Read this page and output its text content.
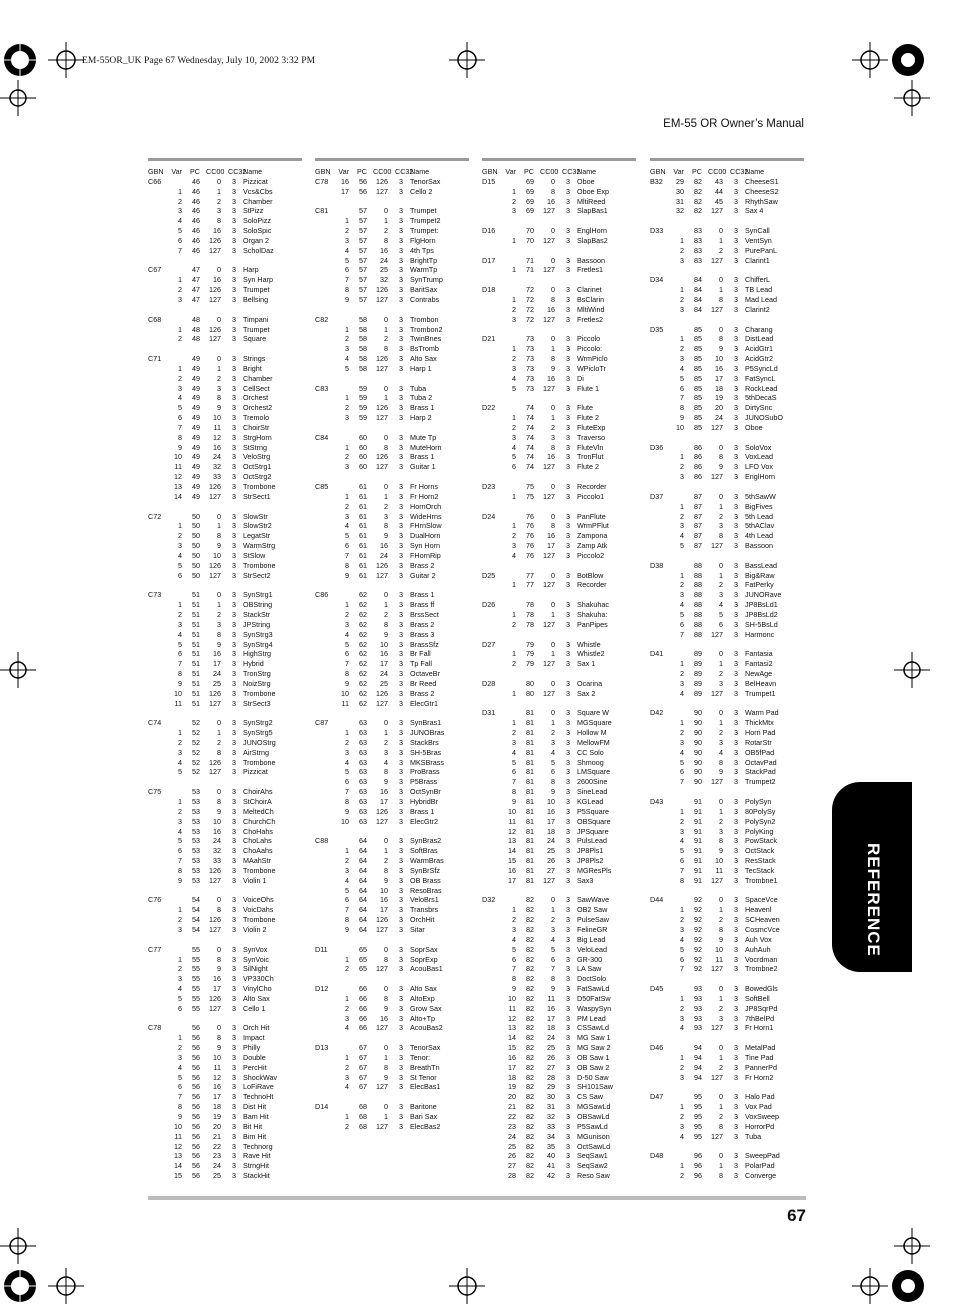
EM-55OR_UK Page 67 Wednesday, July 10, 2002 3:32 PM
EM-55 OR Owner’s Manual
GBN Var PC CC00 CC32
Name
C66	46	0	3 Pizzicat
1	46	1	3 Vcs&Cbs
2	46	2	3 Chamber
3	46	3	3 StPizz
4	46	8	3 SoloPizz
5	46	16	3 SoloSpic
6	46	126	3 Organ 2
7	46	127	3 ScholDaz
C67	47	0	3 Harp
1	47	16	3 Syn Harp
2	47	126	3 Trumpet
3	47	127	3 Bellsing
C68	48	0	3 Timpani
1	48	126	3 Trumpet
2	48	127	3 Square
C71	49	0	3 Strings
1	49	1	3 Bright
2	49	2	3 Chamber
3	49	3	3 CellSect
4	49	8	3 Orchest
5	49	9	3 Orchest2
6	49	10	3 Tremolo
7	49	11	3 ChoirStr
8	49	12	3 StrgHorn
9	49	16	3 StStrng
10	49	24	3 VeloStrg
11	49	32	3 OctStrg1
12	49	33	3 OctStrg2
13	49	126	3 Trombone
14	49	127	3 StrSect1
C72	50	0	3 SlowStr
1	50	1	3 SlowStr2
2	50	8	3 LegatStr
3	50	9	3 WarmStrg
4	50	10	3 StSlow
5	50	126	3 Trombone
6	50	127	3 StrSect2
C73	51	0	3 SynStrg1
1	51	1	3 OBString
2	51	2	3 StackStr
3	51	3	3 JPString
4	51	8	3 SynStrg3
5	51	9	3 SynStrg4
6	51	16	3 HighStrg
7	51	17	3 Hybrid
8	51	24	3 TronStrg
9	51	25	3 NoizStrg
10	51	126	3 Trombone
11	51	127	3 StrSect3
C74	52	0	3 SynStrg2
1	52	1	3 SynStrg5
2	52	2	3 JUNOStrg
3	52	8	3 AirStrng
4	52	126	3 Trombone
5	52	127	3 Pizzicat
C75	53	0	3 ChoirAhs
1	53	8	3 StChoirA
2	53	9	3 MeltedCh
3	53	10	3 ChurchCh
4	53	16	3 ChoHahs
5	53	24	3 ChoLahs
6	53	32	3 ChoAahs
7	53	33	3 MAahStr
8	53	126	3 Trombone
9	53	127	3 Violin 1
C76	54	0	3 VoiceOhs
1	54	8	3 VoicDahs
2	54	126	3 Trombone
3	54	127	3 Violin 2
C77	55	0	3 SynVox
1	55	8	3 SynVoic
2	55	9	3 SilNight
3	55	16	3 VP330Ch
4	55	17	3 VinylCho
5	55	126	3 Alto Sax
6	55	127	3 Cello 1
C78	56	0	3 Orch Hit
1	56	8	3 Impact
2	56	9	3 Philly
3	56	10	3 Double
4	56	11	3 PercHit
5	56	12	3 ShockWav
6	56	16	3 LoFiRave
7	56	17	3 TechnoHt
8	56	18	3 Dist Hit
9	56	19	3 Bam Hit
10	56	20	3 Bit Hit
11	56	21	3 Bim Hit
12	56	22	3 Technorg
13	56	23	3 Rave Hit
14	56	24	3 StrngHit
15	56	25	3 StackHit
GBN Var PC CC00 CC32
Name
C78	16	56	126	3 TenorSax
17	56	127	3 Cello 2
C81	57	0	3 Trumpet
1	57	1	3 Trumpet2
2	57	2	3 Trumpet:
3	57	8	3 FlgHorn
4	57	16	3 4th Tps
5	57	24	3 BrightTp
6	57	25	3 WarmTp
7	57	32	3 SynTrump
8	57	126	3 BaritSax
9	57	127	3 Contrabs
C82	58	0	3 Trombon
1	58	1	3 Trombon2
2	58	2	3 TwinBnes
3	58	8	3 BsTromb
4	58	126	3 Alto Sax
5	58	127	3 Harp 1
C83	59	0	3 Tuba
1	59	1	3 Tuba 2
2	59	126	3 Brass 1
3	59	127	3 Harp 2
C84	60	0	3 Mute Tp
1	60	8	3 MuteHorn
2	60	126	3 Brass 1
3	60	127	3 Guitar 1
C85	61	0	3 Fr Horns
1	61	1	3 Fr Horn2
2	61	2	3 HornOrch
3	61	3	3 WideHrns
4	61	8	3 FHrnSlow
5	61	9	3 DualHorn
6	61	16	3 Syn Horn
7	61	24	3 FHornRip
8	61	126	3 Brass 2
9	61	127	3 Guitar 2
C86	62	0	3 Brass 1
1	62	1	3 Brass ff
2	62	2	3 BrssSect
3	62	8	3 Brass 2
4	62	9	3 Brass 3
5	62	10	3 BrassSfz
6	62	16	3 Br Fall
7	62	17	3 Tp Fall
8	62	24	3 OctaveBr
9	62	25	3 Br Reed
10	62	126	3 Brass 2
11	62	127	3 ElecGtr1
C87	63	0	3 SynBras1
1	63	1	3 JUNOBras
2	63	2	3 StackBrs
3	63	3	3 SH-5Bras
4	63	4	3 MKSBrass
5	63	8	3 ProBrass
6	63	9	3 P5Brass
7	63	16	3 OctSynBr
8	63	17	3 HybridBr
9	63	126	3 Brass 1
10	63	127	3 ElecGtr2
C88	64	0	3 SynBras2
1	64	1	3 SoftBras
2	64	2	3 WarmBras
3	64	8	3 SynBrSfz
4	64	9	3 OB Brass
5	64	10	3 ResoBras
6	64	16	3 VeloBrs1
7	64	17	3 Transbrs
8	64	126	3 OrchHit
9	64	127	3 Sitar
D11	65	0	3 SoprSax
1	65	8	3 SoprExp
2	65	127	3 AcouBas1
D12	66	0	3 Alto Sax
1	66	8	3 AltoExp
2	66	9	3 Grow Sax
3	66	16	3 Alto+Tp
4	66	127	3 AcouBas2
D13	67	0	3 TenorSax
1	67	1	3 Tenor:
2	67	8	3 BreathTn
3	67	9	3 St Tenor
4	67	127	3 ElecBas1
D14	68	0	3 Baritone
1	68	1	3 Bari Sax
2	68	127	3 ElecBas2
GBN Var PC CC00 CC32
Name
D15	69	0	3 Oboe
1	69	8	3 Oboe Exp
2	69	16	3 MltiReed
3	69	127	3 SlapBas1
D16	70	0	3 EnglHorn
1	70	127	3 SlapBas2
D17	71	0	3 Bassoon
1	71	127	3 Fretles1
D18	72	0	3 Clarinet
1	72	8	3 BsClarin
2	72	16	3 MltiWind
3	72	127	3 Fretles2
D21	73	0	3 Piccolo
1	73	1	3 Piccolo:
2	73	8	3 WrmPiclo
3	73	9	3 WPicloTr
4	73	16	3 Di
5	73	127	3 Flute 1
D22	74	0	3 Flute
1	74	1	3 Flute 2
2	74	2	3 FluteExp
3	74	3	3 Traverso
4	74	8	3 FluteVln
5	74	16	3 TronFlut
6	74	127	3 Flute 2
D23	75	0	3 Recorder
1	75	127	3 Piccolo1
D24	76	0	3 PanFlute
1	76	8	3 WrmPFlut
2	76	16	3 Zampona
3	76	17	3 Zamp Atk
4	76	127	3 Piccolo2
D25	77	0	3 BotBlow
1	77	127	3 Recorder
D26	78	0	3 Shakuhac
1	78	1	3 Shakuha:
2	78	127	3 PanPipes
D27	79	0	3 Whistle
1	79	1	3 Whistle2
2	79	127	3 Sax 1
D28	80	0	3 Ocarina
1	80	127	3 Sax 2
D31	81	0	3 Square W
1	81	1	3 MGSquare
2	81	2	3 Hollow M
3	81	3	3 MellowFM
4	81	4	3 CC Solo
5	81	5	3 Shmoog
6	81	6	3 LMSquare
7	81	8	3 2600Sine
8	81	9	3 SineLead
9	81	10	3 KGLead
10	81	16	3 P5Square
11	81	17	3 OBSquare
12	81	18	3 JPSquare
13	81	24	3 PulsLead
14	81	25	3 JP8Pls1
15	81	26	3 JP8Pls2
16	81	27	3 MGResPls
17	81	127	3 Sax3
D32	82	0	3 SawWave
1	82	1	3 OB2 Saw
2	82	2	3 PulseSaw
3	82	3	3 FelineGR
4	82	4	3 Big Lead
5	82	5	3 VeloLead
6	82	6	3 GR-300
7	82	7	3 LA Saw
8	82	8	3 DoctSolo
9	82	9	3 FatSawLd
10	82	11	3 D50FatSw
11	82	16	3 WaspySyn
12	82	17	3 PM Lead
13	82	18	3 CSSawLd
14	82	24	3 MG Saw 1
15	82	25	3 MG Saw 2
16	82	26	3 OB Saw 1
17	82	27	3 OB Saw 2
18	82	28	3 D-50 Saw
19	82	29	3 SH101Saw
20	82	30	3 CS Saw
21	82	31	3 MGSawLd
22	82	32	3 OBSawLd
23	82	33	3 P5SawLd
24	82	34	3 MGunison
25	82	35	3 OctSawLd
26	82	40	3 SeqSaw1
27	82	41	3 SeqSaw2
28	82	42	3 Reso Saw
GBN Var PC CC00 CC32
Name
B32	29	82	43	3 CheeseS1
30	82	44	3 CheeseS2
31	82	45	3 RhythSaw
32	82	127	3 Sax 4
D33	83	0	3 SynCall
1	83	1	3 VentSyn
2	83	2	3 PurePanL
3	83	127	3 Clarint1
D34	84	0	3 ChifferL
1	84	1	3 TB Lead
2	84	8	3 Mad Lead
3	84	127	3 Clarint2
D35	85	0	3 Charang
1	85	8	3 DistLead
2	85	9	3 AcidGtr1
3	85	10	3 AcidGtr2
4	85	16	3 P5SyncLd
5	85	17	3 FatSyncL
6	85	18	3 RockLead
7	85	19	3 5thDecaS
8	85	20	3 DirtySnc
9	85	24	3 JUNOSubO
10	85	127	3 Oboe
D36	86	0	3 SoloVox
1	86	8	3 VoxLead
2	86	9	3 LFO Vox
3	86	127	3 EnglHorn
D37	87	0	3 5thSawW
1	87	1	3 BigFives
2	87	2	3 5th Lead
3	87	3	3 5thAClav
4	87	8	3 4th Lead
5	87	127	3 Bassoon
D38	88	0	3 BassLead
1	88	1	3 Big&Raw
2	88	2	3 FatPerky
3	88	3	3 JUNORave
4	88	4	3 JP8BsLd1
5	88	5	3 JP8BsLd2
6	88	6	3 SH-5BsLd
7	88	127	3 Harmonc
D41	89	0	3 Fantasia
1	89	1	3 Fantasi2
2	89	2	3 NewAge
3	89	3	3 BelHeavn
4	89	127	3 Trumpet1
D42	90	0	3 Warm Pad
1	90	1	3 ThickMtx
2	90	2	3 Horn Pad
3	90	3	3 RotarStr
4	90	4	3 OB5fPad
5	90	8	3 OctavPad
6	90	9	3 StackPad
7	90	127	3 Trumpet2
D43	91	0	3 PolySyn
1	91	1	3 80PolySy
2	91	2	3 PolySyn2
3	91	3	3 PolyKing
4	91	8	3 PowStack
5	91	9	3 OctStack
6	91	10	3 ResStack
7	91	11	3 TecStack
8	91	127	3 Trombne1
D44	92	0	3 SpaceVce
1	92	1	3 Heavenl
2	92	2	3 SCHeaven
3	92	8	3 CosmcVce
4	92	9	3 Auh Vox
5	92	10	3 AuhAuh
6	92	11	3 Vocrdman
7	92	127	3 Trombne2
D45	93	0	3 BowedGls
1	93	1	3 SoftBell
2	93	2	3 JP8SqrPd
3	93	3	3 7thBelPd
4	93	127	3 Fr Horn1
D46	94	0	3 MetalPad
1	94	1	3 Tine Pad
2	94	2	3 PannerPd
3	94	127	3 Fr Horn2
D47	95	0	3 Halo Pad
1	95	1	3 Vox Pad
2	95	2	3 VoxSweep
3	95	8	3 HorrorPd
4	95	127	3 Tuba
D48	96	0	3 SweepPad
1	96	1	3 PolarPad
2	96	8	3 Converge
REFERENCE
67
